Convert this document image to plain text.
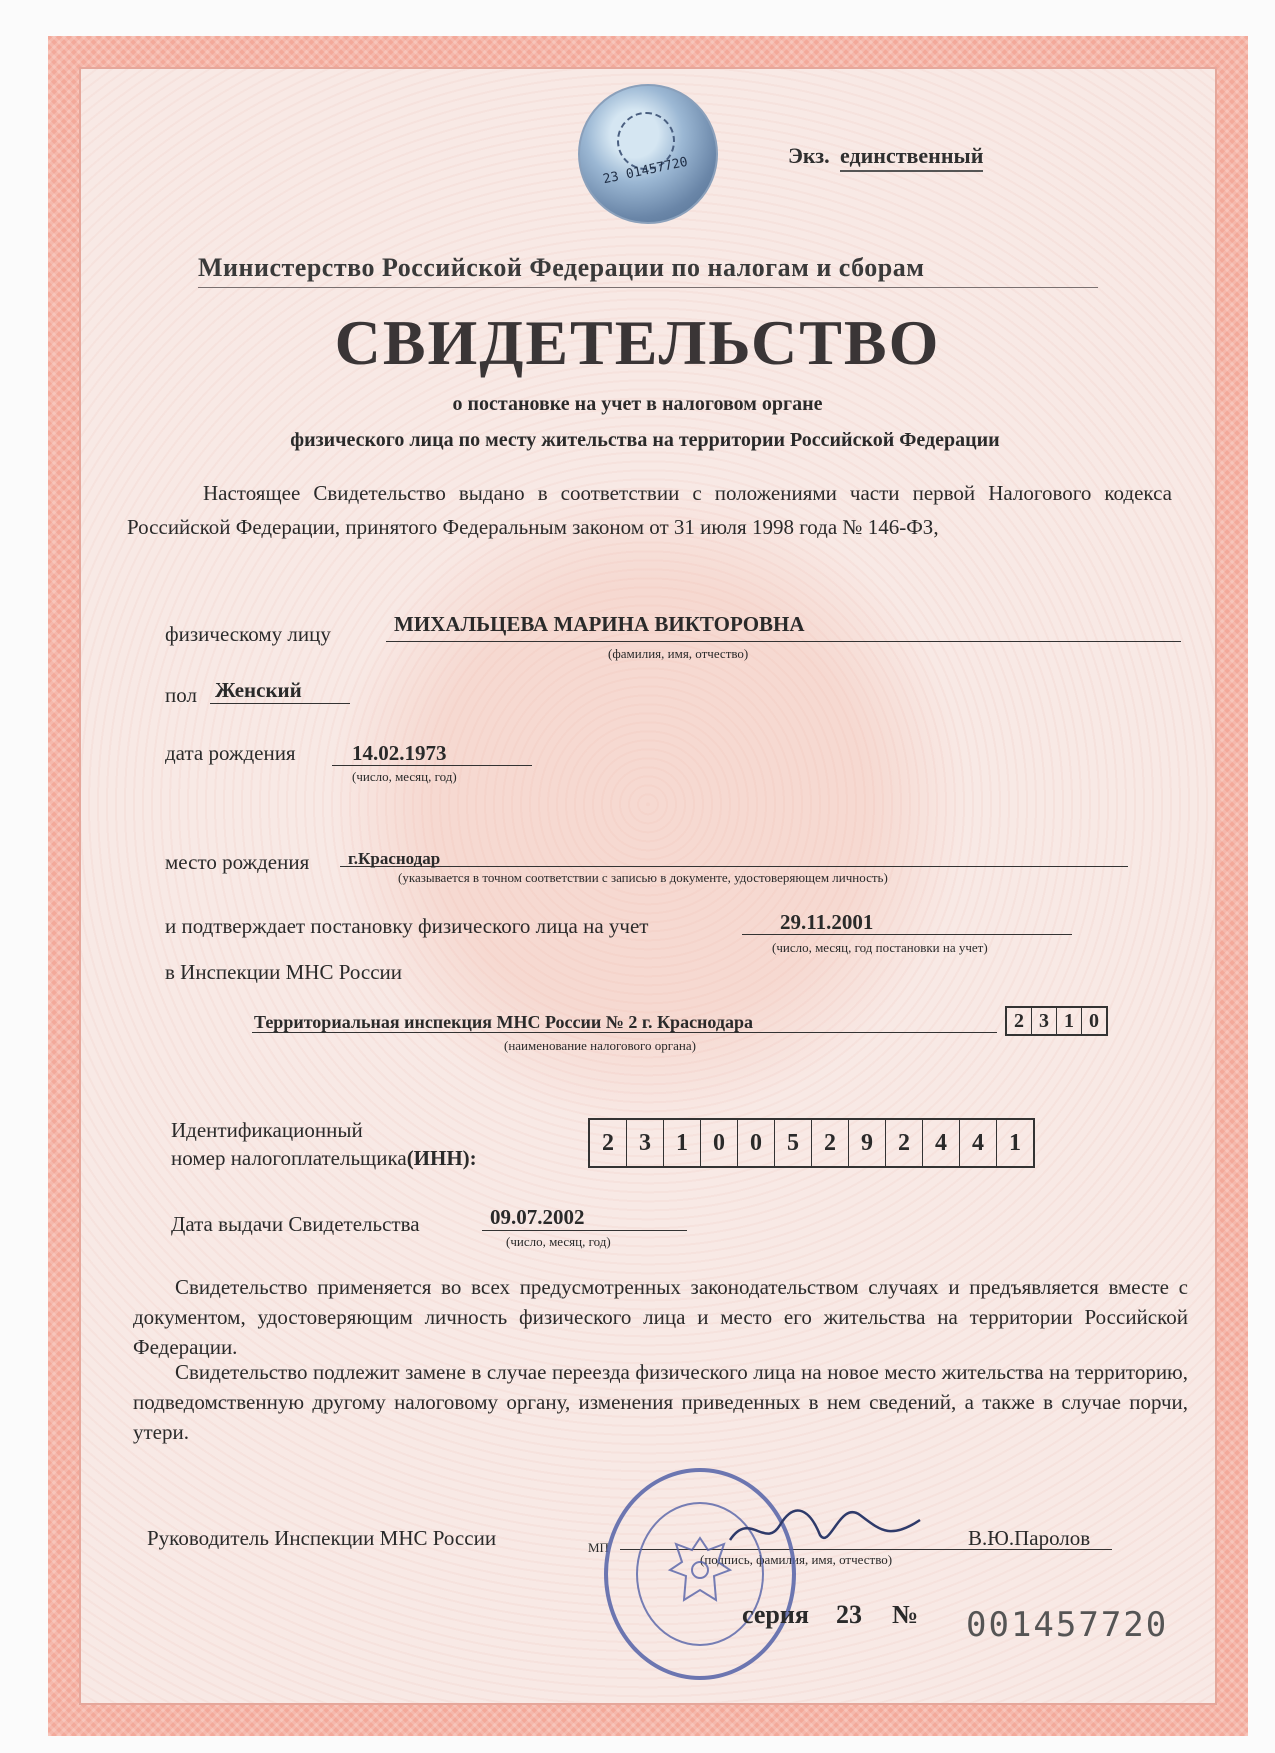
23 01457720	Экз. единственный
Министерство Российской Федерации по налогам и сборам
СВИДЕТЕЛЬСТВО
о постановке на учет в налоговом органе
физического лица по месту жительства на территории Российской Федерации
Настоящее Свидетельство выдано в соответствии с положениями части первой Налогового кодекса Российской Федерации, принятого Федеральным законом от 31 июля 1998 года № 146-ФЗ,
физическому лицу	МИХАЛЬЦЕВА МАРИНА ВИКТОРОВНА
(фамилия, имя, отчество)
пол Женский
дата рождения	14.02.1973
(число, месяц, год)
место рождения г.Краснодар
(указывается в точном соответствии с записью в документе, удостоверяющем личность)
и подтверждает постановку физического лица на учет	29.11.2001
(число, месяц, год постановки на учет)
в Инспекции МНС России
Территориальная инспекция МНС России № 2 г. Краснодара
(наименование налогового органа)
2 3 1 0
Идентификационный
номер налогоплательщика(ИНН):
2	3	1	0	0	5	2	9	2	4	4	1
Дата выдачи Свидетельства	09.07.2002
(число, месяц, год)
Свидетельство применяется во всех предусмотренных законодательством случаях и предъявляется вместе с документом, удостоверяющим личность физического лица и место его жительства на территории Российской Федерации.
Свидетельство подлежит замене в случае переезда физического лица на новое место жительства на территорию, подведомственную другому налоговому органу, изменения приведенных в нем сведений, а также в случае порчи, утери.
Руководитель Инспекции МНС России	МП
(подпись, фамилия, имя, отчество)
В.Ю.Паролов
серия 23 № 001457720
